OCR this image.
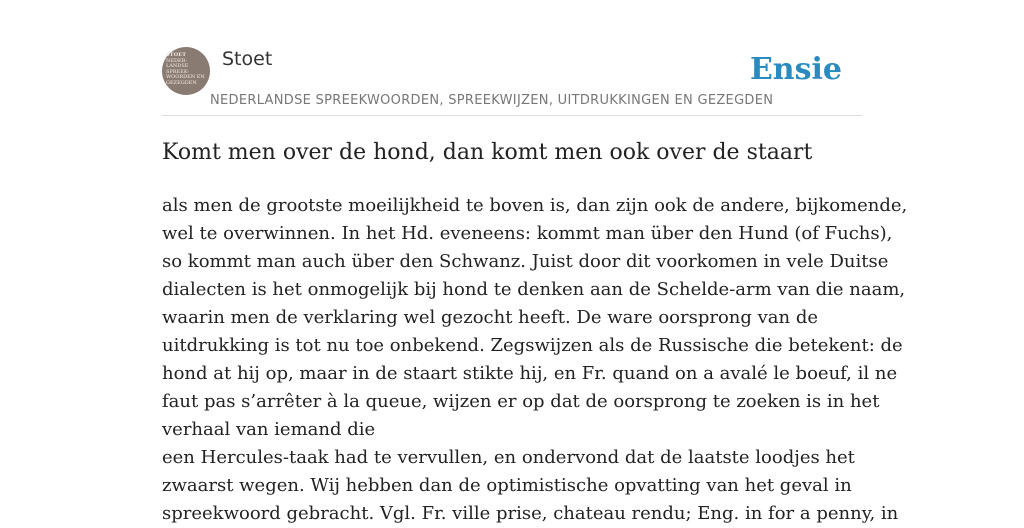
STOET
NEDER-
LANDSE
SPREEK-
WOORDEN EN
GEZEGDEN
Stoet
NEDERLANDSE SPREEKWOORDEN, SPREEKWIJZEN, UITDRUKKINGEN EN GEZEGDEN
Ensie
Komt men over de hond, dan komt men ook over de staart
als men de grootste moeilijkheid te boven is, dan zijn ook de andere, bijkomende,
wel te overwinnen. In het Hd. eveneens: kommt man über den Hund (of Fuchs),
so kommt man auch über den Schwanz. Juist door dit voorkomen in vele Duitse
dialecten is het onmogelijk bij hond te denken aan de Schelde-arm van die naam,
waarin men de verklaring wel gezocht heeft. De ware oorsprong van de
uitdrukking is tot nu toe onbekend. Zegswijzen als de Russische die betekent: de
hond at hij op, maar in de staart stikte hij, en Fr. quand on a avalé le boeuf, il ne
faut pas s’arrêter à la queue, wijzen er op dat de oorsprong te zoeken is in het
verhaal van iemand die
een Hercules-taak had te vervullen, en ondervond dat de laatste loodjes het
zwaarst wegen. Wij hebben dan de optimistische opvatting van het geval in
spreekwoord gebracht. Vgl. Fr. ville prise, chateau rendu; Eng. in for a penny, in
